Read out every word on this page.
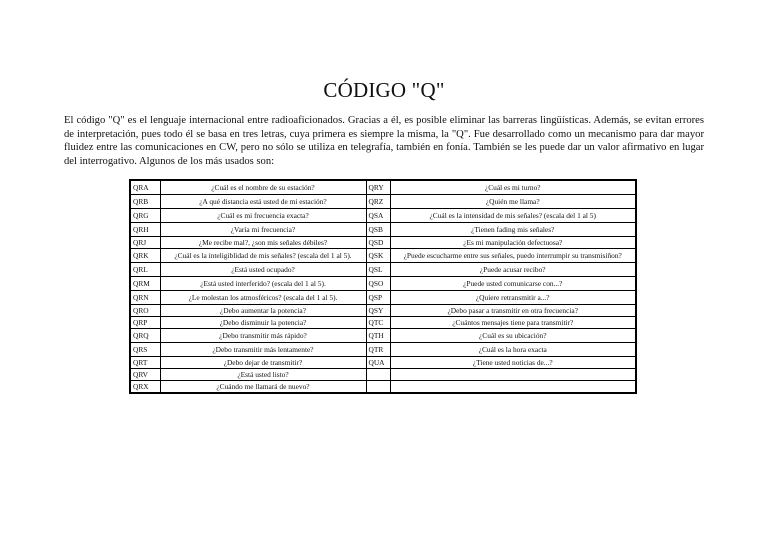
CÓDIGO "Q"

El código "Q" es el lenguaje internacional entre radioaficionados. Gracias a él, es posible eliminar las barreras lingüísticas. Además, se evitan errores de interpretación, pues todo él se basa en tres letras, cuya primera es siempre la misma, la "Q". Fue desarrollado como un mecanismo para dar mayor fluidez entre las comunicaciones en CW, pero no sólo se utiliza en telegrafía, también en fonía. También se les puede dar un valor afirmativo en lugar del interrogativo. Algunos de los más usados son:

QRA	¿Cuál es el nombre de su estación?	QRY	¿Cuál es mi turno?
QRB	¿A qué distancia está usted de mi estación?	QRZ	¿Quién me llama?
QRG	¿Cuál es mi frecuencia exacta?	QSA	¿Cuál es la intensidad de mis señales? (escala del 1 al 5)
QRH	¿Varía mi frecuencia?	QSB	¿Tienen fading mis señales?
QRJ	¿Me recibe mal?, ¿son mis señales débiles?	QSD	¿Es mi manipulación defectuosa?
QRK	¿Cuál es la inteligiblidad de mis señales? (escala del 1 al 5).	QSK	¿Puede escucharme entre sus señales, puedo interrumpir su transmisiñon?
QRL	¿Está usted ocupado?	QSL	¿Puede acusar recibo?
QRM	¿Está usted interferido? (escala del 1 al 5).	QSO	¿Puede usted comunicarse con...?
QRN	¿Le molestan los atmosféricos? (escala del 1 al 5).	QSP	¿Quiere retransmitir a...?
QRO	¿Debo aumentar la potencia?	QSY	¿Debo pasar a transmitir en otra frecuencia?
QRP	¿Debo disminuir la potencia?	QTC	¿Cuántos mensajes tiene para transmitir?
QRQ	¿Debo transmitir más rápido?	QTH	¿Cuál es su ubicación?
QRS	¿Debo transmitir más lentamente?	QTR	¿Cuál es la hora exacta
QRT	¿Debo dejar de transmitir?	QUA	¿Tiene usted noticias de...?
QRV	¿Está usted listo?		
QRX	¿Cuándo me llamará de nuevo?		
